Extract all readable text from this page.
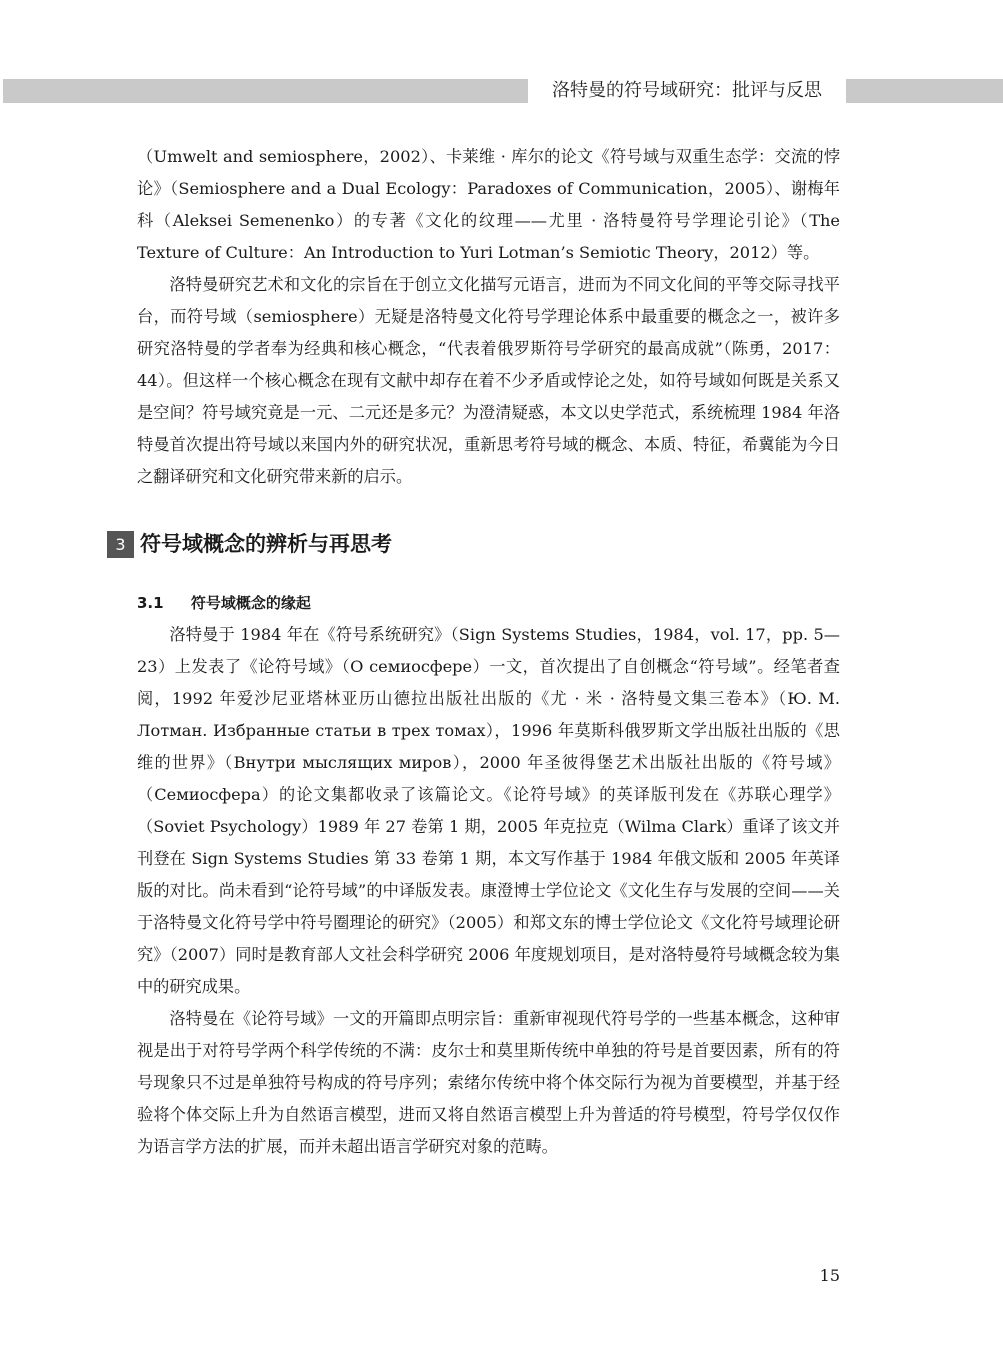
洛特曼的符号域研究：批评与反思

（Umwelt and semiosphere，2002）、卡莱维 · 库尔的论文《符号域与双重生态学：交流的悖论》（Semiosphere and a Dual Ecology：Paradoxes of Communication，2005）、谢梅年科（Aleksei Semenenko）的专著《文化的纹理——尤里 · 洛特曼符号学理论引论》（The Texture of Culture：An Introduction to Yuri Lotman’s Semiotic Theory，2012）等。

洛特曼研究艺术和文化的宗旨在于创立文化描写元语言，进而为不同文化间的平等交际寻找平台，而符号域（semiosphere）无疑是洛特曼文化符号学理论体系中最重要的概念之一，被许多研究洛特曼的学者奉为经典和核心概念，“代表着俄罗斯符号学研究的最高成就”（陈勇，2017：44）。但这样一个核心概念在现有文献中却存在着不少矛盾或悖论之处，如符号域如何既是关系又是空间？符号域究竟是一元、二元还是多元？为澄清疑惑，本文以史学范式，系统梳理 1984 年洛特曼首次提出符号域以来国内外的研究状况，重新思考符号域的概念、本质、特征，希冀能为今日之翻译研究和文化研究带来新的启示。

3 符号域概念的辨析与再思考
3.1 符号域概念的缘起

洛特曼于 1984 年在《符号系统研究》（Sign Systems Studies，1984，vol. 17，pp. 5—23）上发表了《论符号域》（О семиосфере）一文，首次提出了自创概念“符号域”。经笔者查阅，1992 年爱沙尼亚塔林亚历山德拉出版社出版的《尤 · 米 · 洛特曼文集三卷本》（Ю. М. Лотман. Избранные статьи в трех томах），1996 年莫斯科俄罗斯文学出版社出版的《思维的世界》（Внутри мыслящих миров），2000 年圣彼得堡艺术出版社出版的《符号域》（Семиосфера）的论文集都收录了该篇论文。《论符号域》的英译版刊发在《苏联心理学》（Soviet Psychology）1989 年 27 卷第 1 期，2005 年克拉克（Wilma Clark）重译了该文并刊登在 Sign Systems Studies 第 33 卷第 1 期，本文写作基于 1984 年俄文版和 2005 年英译版的对比。尚未看到“论符号域”的中译版发表。康澄博士学位论文《文化生存与发展的空间——关于洛特曼文化符号学中符号圈理论的研究》（2005）和郑文东的博士学位论文《文化符号域理论研究》（2007）同时是教育部人文社会科学研究 2006 年度规划项目，是对洛特曼符号域概念较为集中的研究成果。

洛特曼在《论符号域》一文的开篇即点明宗旨：重新审视现代符号学的一些基本概念，这种审视是出于对符号学两个科学传统的不满：皮尔士和莫里斯传统中单独的符号是首要因素，所有的符号现象只不过是单独符号构成的符号序列；索绪尔传统中将个体交际行为视为首要模型，并基于经验将个体交际上升为自然语言模型，进而又将自然语言模型上升为普适的符号模型，符号学仅仅作为语言学方法的扩展，而并未超出语言学研究对象的范畴。

15
